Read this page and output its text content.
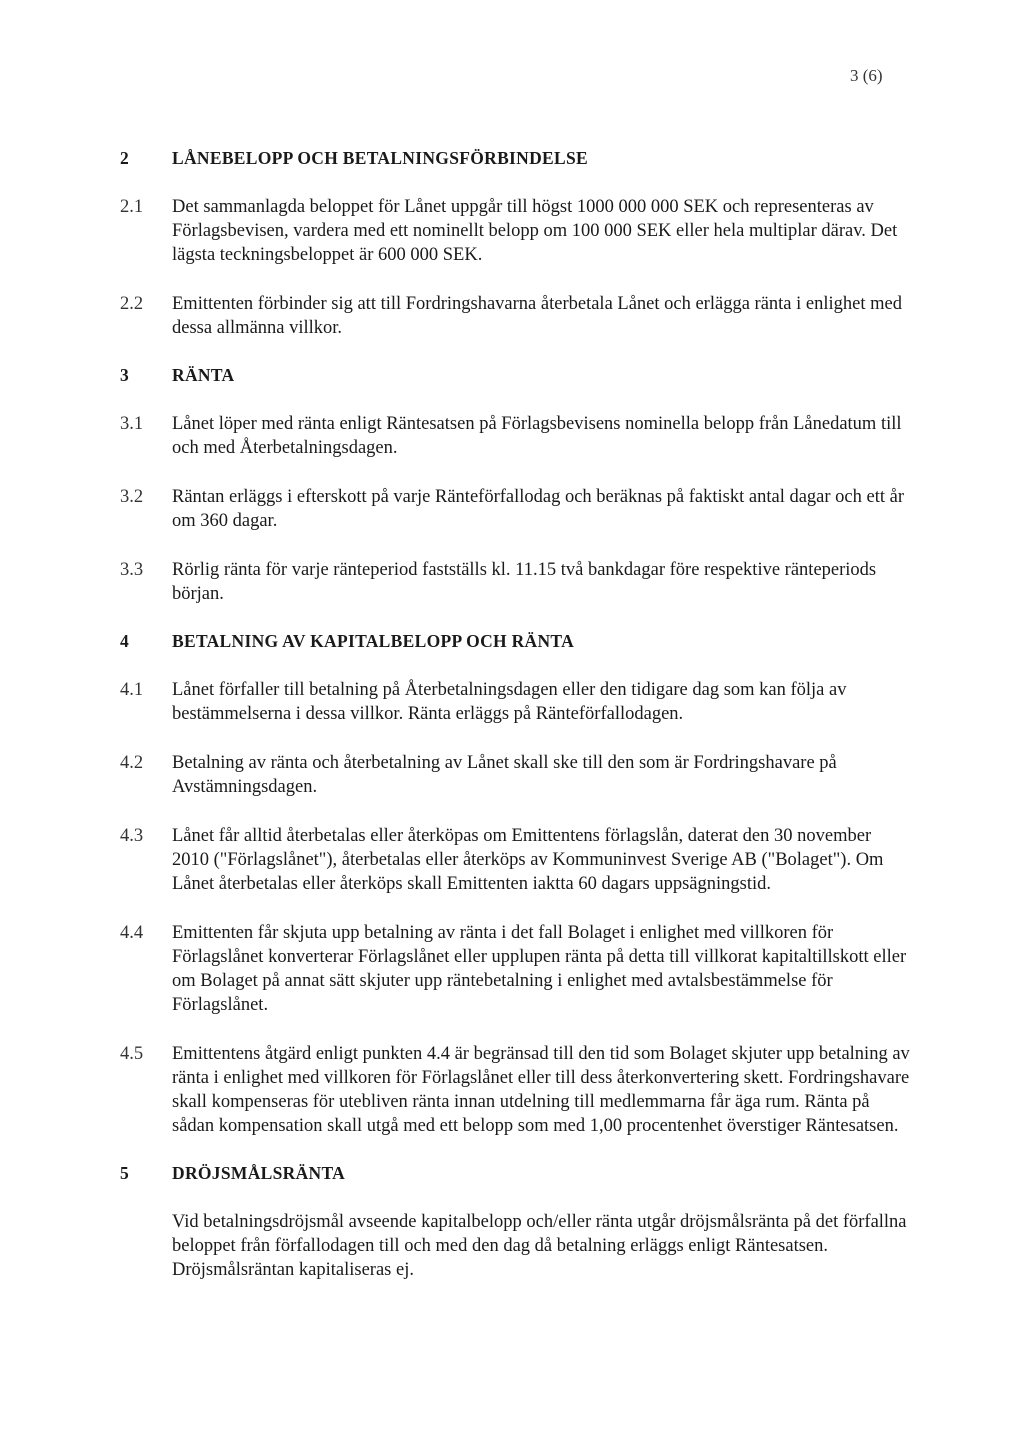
3 (6)
2	LÅNEBELOPP OCH BETALNINGSFÖRBINDELSE
2.1	Det sammanlagda beloppet för Lånet uppgår till högst 1000 000 000 SEK och representeras av Förlagsbevisen, vardera med ett nominellt belopp om 100 000 SEK eller hela multiplar därav. Det lägsta teckningsbeloppet är 600 000 SEK.
2.2	Emittenten förbinder sig att till Fordringshavarna återbetala Lånet och erlägga ränta i enlighet med dessa allmänna villkor.
3	RÄNTA
3.1	Lånet löper med ränta enligt Räntesatsen på Förlagsbevisens nominella belopp från Lånedatum till och med Återbetalningsdagen.
3.2	Räntan erläggs i efterskott på varje Ränteförfallodag och beräknas på faktiskt antal dagar och ett år om 360 dagar.
3.3	Rörlig ränta för varje ränteperiod fastställs kl. 11.15 två bankdagar före respektive ränteperiods början.
4	BETALNING AV KAPITALBELOPP OCH RÄNTA
4.1	Lånet förfaller till betalning på Återbetalningsdagen eller den tidigare dag som kan följa av bestämmelserna i dessa villkor. Ränta erläggs på Ränteförfallodagen.
4.2	Betalning av ränta och återbetalning av Lånet skall ske till den som är Fordringshavare på Avstämningsdagen.
4.3	Lånet får alltid återbetalas eller återköpas om Emittentens förlagslån, daterat den 30 november 2010 ("Förlagslånet"), återbetalas eller återköps av Kommuninvest Sverige AB ("Bolaget"). Om Lånet återbetalas eller återköps skall Emittenten iaktta 60 dagars uppsägningstid.
4.4	Emittenten får skjuta upp betalning av ränta i det fall Bolaget i enlighet med villkoren för Förlagslånet konverterar Förlagslånet eller upplupen ränta på detta till villkorat kapitaltillskott eller om Bolaget på annat sätt skjuter upp räntebetalning i enlighet med avtalsbestämmelse för Förlagslånet.
4.5	Emittentens åtgärd enligt punkten 4.4 är begränsad till den tid som Bolaget skjuter upp betalning av ränta i enlighet med villkoren för Förlagslånet eller till dess återkonvertering skett. Fordringshavare skall kompenseras för utebliven ränta innan utdelning till medlemmarna får äga rum. Ränta på sådan kompensation skall utgå med ett belopp som med 1,00 procentenhet överstiger Räntesatsen.
5	DRÖJSMÅLSRÄNTA
Vid betalningsdröjsmål avseende kapitalbelopp och/eller ränta utgår dröjsmålsränta på det förfallna beloppet från förfallodagen till och med den dag då betalning erläggs enligt Räntesatsen. Dröjsmålsräntan kapitaliseras ej.
